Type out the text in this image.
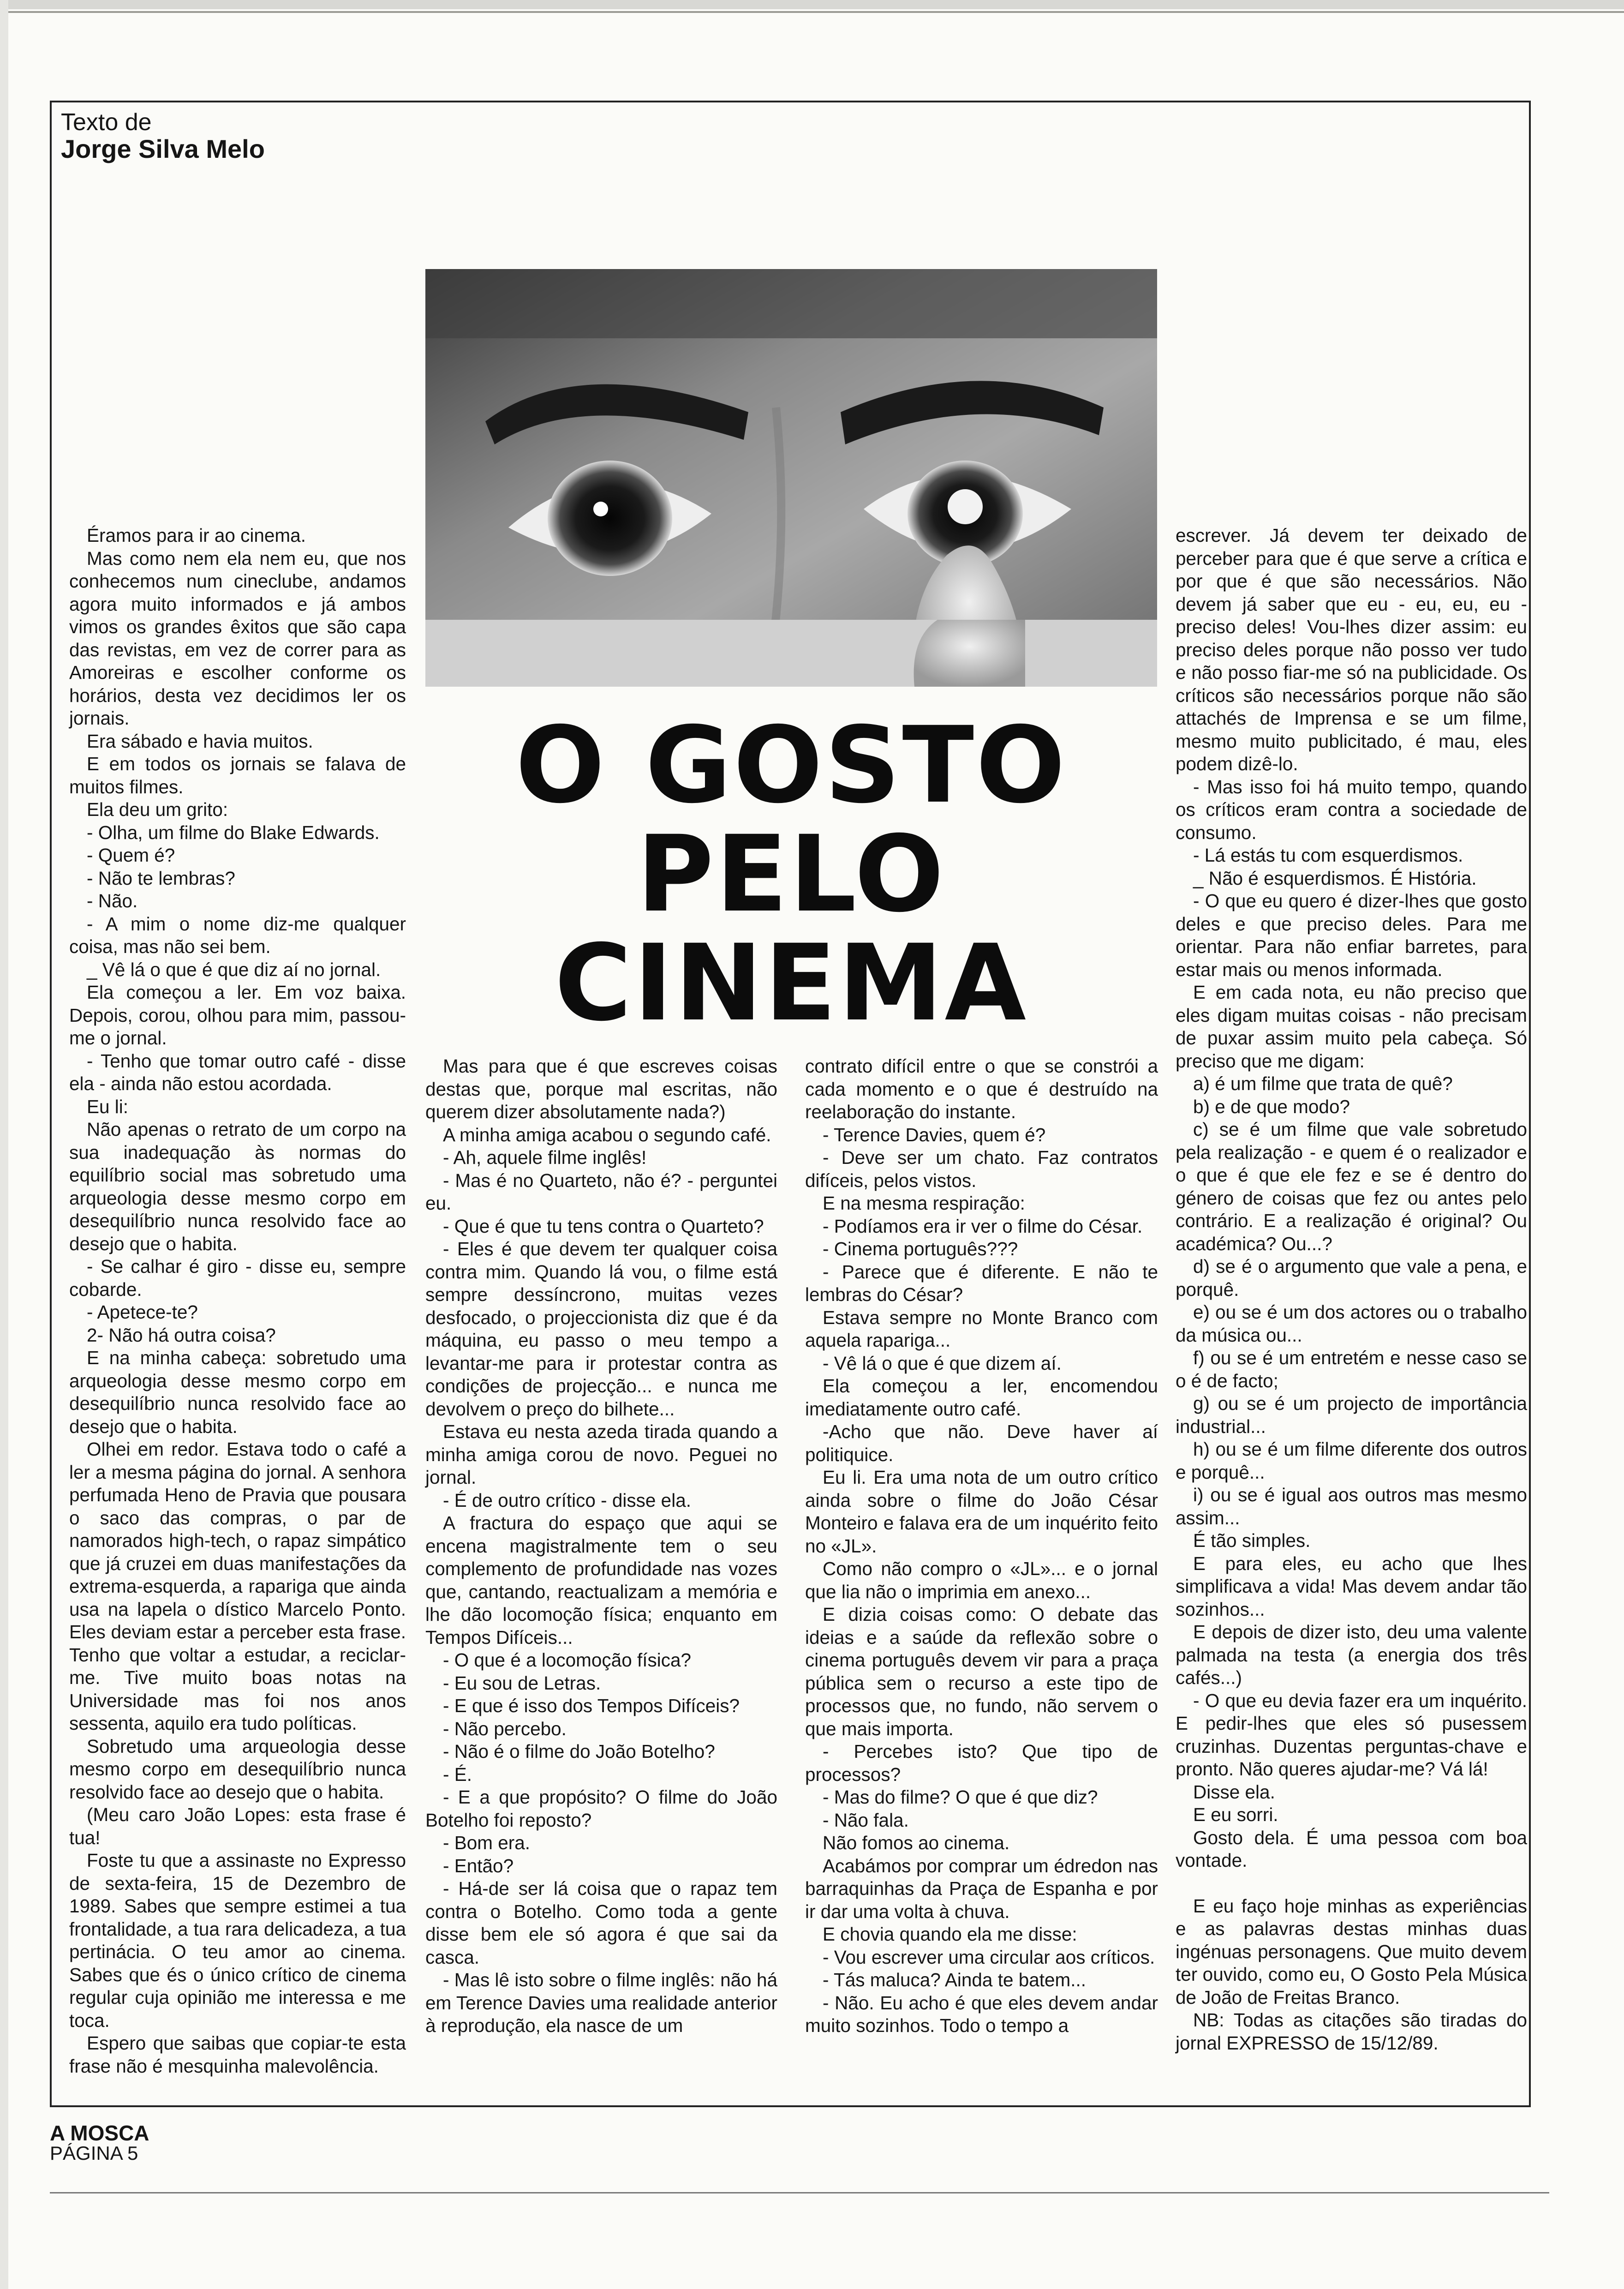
Texto de
Jorge Silva Melo
O GOSTO
PELO
CINEMA

Éramos para ir ao cinema.

Mas como nem ela nem eu, que nos conhecemos num cineclube, andamos agora muito informados e já ambos vimos os grandes êxitos que são capa das revistas, em vez de correr para as Amoreiras e escolher conforme os horários, desta vez decidimos ler os jornais.

Era sábado e havia muitos.

E em todos os jornais se falava de muitos filmes.

Ela deu um grito:

- Olha, um filme do Blake Edwards.

- Quem é?

- Não te lembras?

- Não.

- A mim o nome diz-me qualquer coisa, mas não sei bem.

_ Vê lá o que é que diz aí no jornal.

Ela começou a ler. Em voz baixa. Depois, corou, olhou para mim, passou-me o jornal.

- Tenho que tomar outro café - disse ela - ainda não estou acordada.

Eu li:

Não apenas o retrato de um corpo na sua inadequação às normas do equilíbrio social mas sobretudo uma arqueologia desse mesmo corpo em desequilíbrio nunca resolvido face ao desejo que o habita.

- Se calhar é giro - disse eu, sempre cobarde.

- Apetece-te?

2- Não há outra coisa?

E na minha cabeça: sobretudo uma arqueologia desse mesmo corpo em desequilíbrio nunca resolvido face ao desejo que o habita.

Olhei em redor. Estava todo o café a ler a mesma página do jornal. A senhora perfumada Heno de Pravia que pousara o saco das compras, o par de namorados high-tech, o rapaz simpático que já cruzei em duas manifestações da extrema-esquerda, a rapariga que ainda usa na lapela o dístico Marcelo Ponto. Eles deviam estar a perceber esta frase. Tenho que voltar a estudar, a reciclar-me. Tive muito boas notas na Universidade mas foi nos anos sessenta, aquilo era tudo políticas.

Sobretudo uma arqueologia desse mesmo corpo em desequilíbrio nunca resolvido face ao desejo que o habita.

(Meu caro João Lopes: esta frase é tua!

Foste tu que a assinaste no Expresso de sexta-feira, 15 de Dezembro de 1989. Sabes que sempre estimei a tua frontalidade, a tua rara delicadeza, a tua pertinácia. O teu amor ao cinema. Sabes que és o único crítico de cinema regular cuja opinião me interessa e me toca.

Espero que saibas que copiar-te esta frase não é mesquinha malevolência.

Mas para que é que escreves coisas destas que, porque mal escritas, não querem dizer absolutamente nada?)

A minha amiga acabou o segundo café.

- Ah, aquele filme inglês!

- Mas é no Quarteto, não é? - perguntei eu.

- Que é que tu tens contra o Quarteto?

- Eles é que devem ter qualquer coisa contra mim. Quando lá vou, o filme está sempre dessíncrono, muitas vezes desfocado, o projeccionista diz que é da máquina, eu passo o meu tempo a levantar-me para ir protestar contra as condições de projecção... e nunca me devolvem o preço do bilhete...

Estava eu nesta azeda tirada quando a minha amiga corou de novo. Peguei no jornal.

- É de outro crítico - disse ela.

A fractura do espaço que aqui se encena magistralmente tem o seu complemento de profundidade nas vozes que, cantando, reactualizam a memória e lhe dão locomoção física; enquanto em Tempos Difíceis...

- O que é a locomoção física?

- Eu sou de Letras.

- E que é isso dos Tempos Difíceis?

- Não percebo.

- Não é o filme do João Botelho?

- É.

- E a que propósito? O filme do João Botelho foi reposto?

- Bom era.

- Então?

- Há-de ser lá coisa que o rapaz tem contra o Botelho. Como toda a gente disse bem ele só agora é que sai da casca.

- Mas lê isto sobre o filme inglês: não há em Terence Davies uma realidade anterior à reprodução, ela nasce de um

contrato difícil entre o que se constrói a cada momento e o que é destruído na reelaboração do instante.

- Terence Davies, quem é?

- Deve ser um chato. Faz contratos difíceis, pelos vistos.

E na mesma respiração:

- Podíamos era ir ver o filme do César.

- Cinema português???

- Parece que é diferente. E não te lembras do César?

Estava sempre no Monte Branco com aquela rapariga...

- Vê lá o que é que dizem aí.

Ela começou a ler, encomendou imediatamente outro café.

-Acho que não. Deve haver aí politiquice.

Eu li. Era uma nota de um outro crítico ainda sobre o filme do João César Monteiro e falava era de um inquérito feito no «JL».

Como não compro o «JL»... e o jornal que lia não o imprimia em anexo...

E dizia coisas como: O debate das ideias e a saúde da reflexão sobre o cinema português devem vir para a praça pública sem o recurso a este tipo de processos que, no fundo, não servem o que mais importa.

- Percebes isto? Que tipo de processos?

- Mas do filme? O que é que diz?

- Não fala.

Não fomos ao cinema.

Acabámos por comprar um édredon nas barraquinhas da Praça de Espanha e por ir dar uma volta à chuva.

E chovia quando ela me disse:

- Vou escrever uma circular aos críticos.

- Tás maluca? Ainda te batem...

- Não. Eu acho é que eles devem andar muito sozinhos. Todo o tempo a

escrever. Já devem ter deixado de perceber para que é que serve a crítica e por que é que são necessários. Não devem já saber que eu - eu, eu, eu - preciso deles! Vou-lhes dizer assim: eu preciso deles porque não posso ver tudo e não posso fiar-me só na publicidade. Os críticos são necessários porque não são attachés de Imprensa e se um filme, mesmo muito publicitado, é mau, eles podem dizê-lo.

- Mas isso foi há muito tempo, quando os críticos eram contra a sociedade de consumo.

- Lá estás tu com esquerdismos.

_ Não é esquerdismos. É História.

- O que eu quero é dizer-lhes que gosto deles e que preciso deles. Para me orientar. Para não enfiar barretes, para estar mais ou menos informada.

E em cada nota, eu não preciso que eles digam muitas coisas - não precisam de puxar assim muito pela cabeça. Só preciso que me digam:

a) é um filme que trata de quê?

b) e de que modo?

c) se é um filme que vale sobretudo pela realização - e quem é o realizador e o que é que ele fez e se é dentro do género de coisas que fez ou antes pelo contrário. E a realização é original? Ou académica? Ou...?

d) se é o argumento que vale a pena, e porquê.

e) ou se é um dos actores ou o trabalho da música ou...

f) ou se é um entretém e nesse caso se o é de facto;

g) ou se é um projecto de importância industrial...

h) ou se é um filme diferente dos outros e porquê...

i) ou se é igual aos outros mas mesmo assim...

É tão simples.

E para eles, eu acho que lhes simplificava a vida! Mas devem andar tão sozinhos...

E depois de dizer isto, deu uma valente palmada na testa (a energia dos três cafés...)

- O que eu devia fazer era um inquérito. E pedir-lhes que eles só pusessem cruzinhas. Duzentas perguntas-chave e pronto. Não queres ajudar-me? Vá lá!

Disse ela.

E eu sorri.

Gosto dela. É uma pessoa com boa vontade.

E eu faço hoje minhas as experiências e as palavras destas minhas duas ingénuas personagens. Que muito devem ter ouvido, como eu, O Gosto Pela Música de João de Freitas Branco.

NB: Todas as citações são tiradas do jornal EXPRESSO de 15/12/89.

A MOSCA
PÁGINA 5
